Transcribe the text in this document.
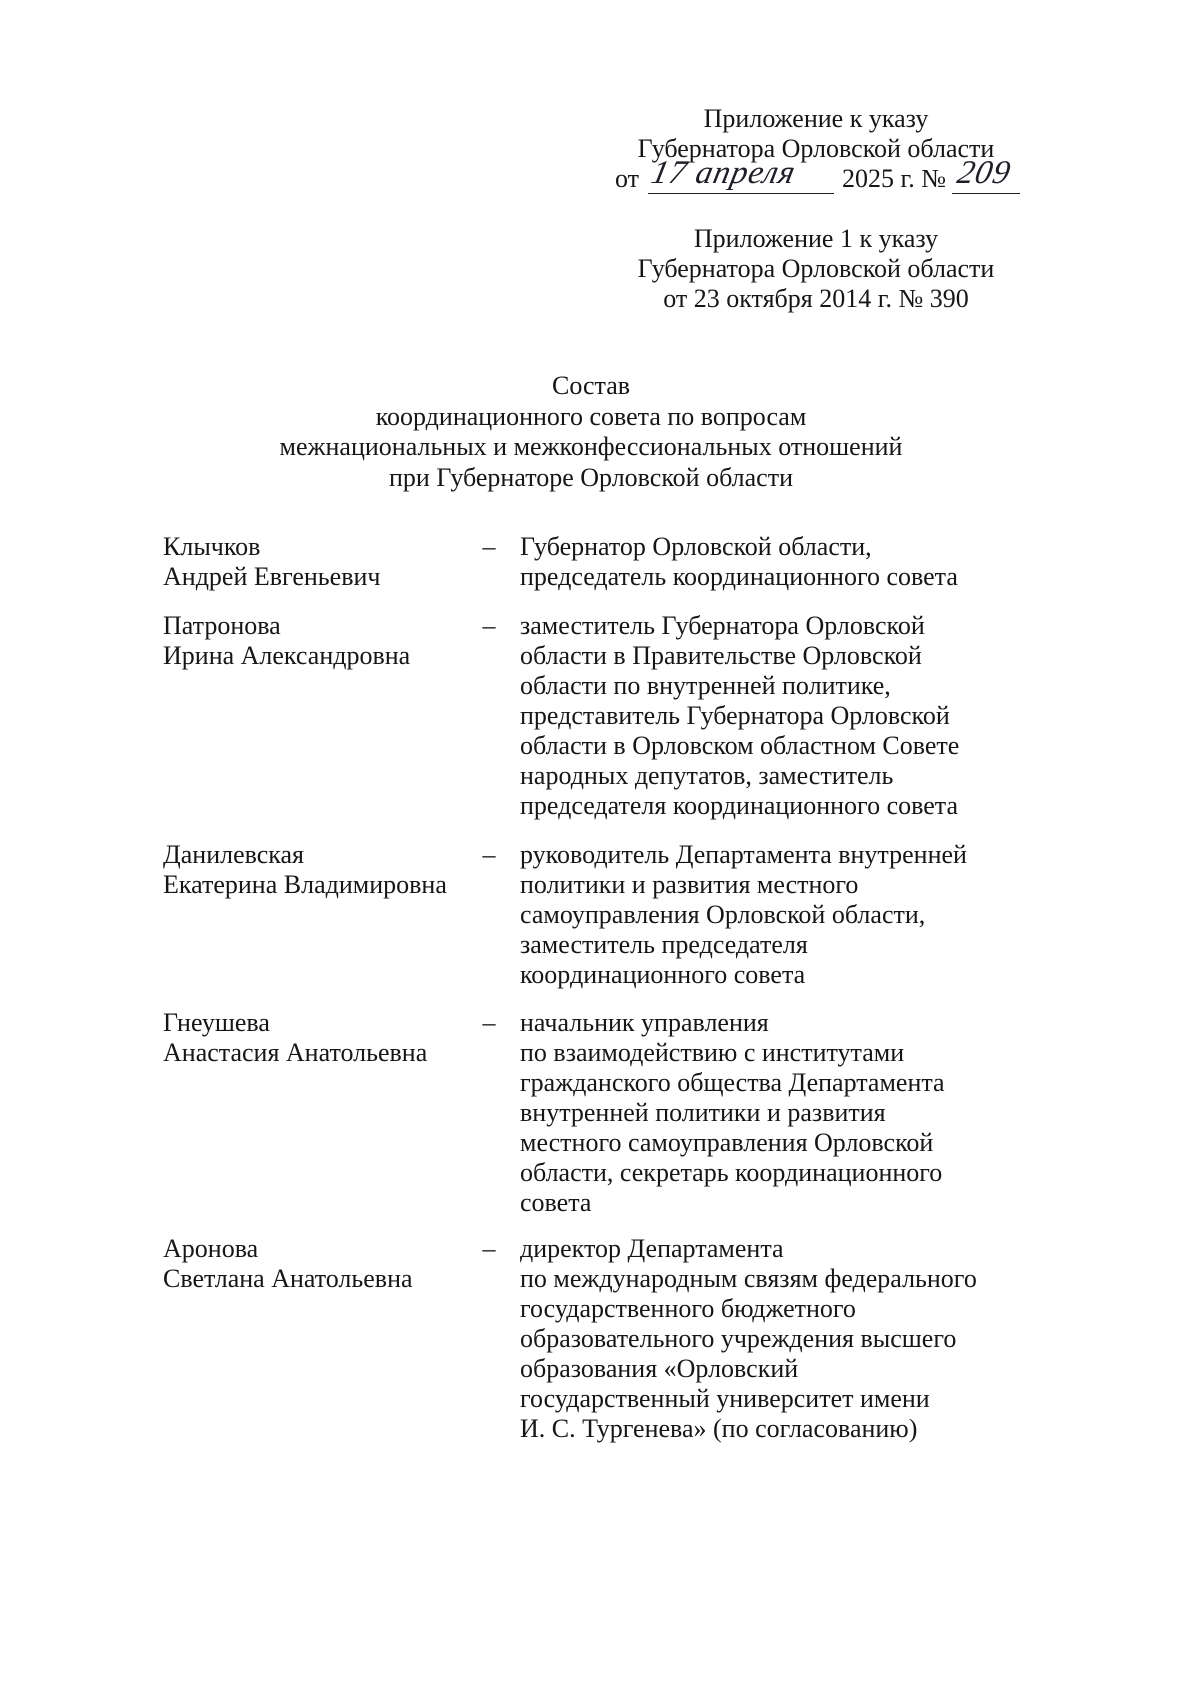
Приложение к указу
Губернатора Орловской области
от 17 апреля 2025 г. № 209
Приложение 1 к указу
Губернатора Орловской области
от 23 октября 2014 г. № 390
Состав
координационного совета по вопросам
межнациональных и межконфессиональных отношений
при Губернаторе Орловской области
Клычков
Андрей Евгеньевич
– Губернатор Орловской области,
председатель координационного совета
Патронова
Ирина Александровна
– заместитель Губернатора Орловской
области в Правительстве Орловской
области по внутренней политике,
представитель Губернатора Орловской
области в Орловском областном Совете
народных депутатов, заместитель
председателя координационного совета
Данилевская
Екатерина Владимировна
– руководитель Департамента внутренней
политики и развития местного
самоуправления Орловской области,
заместитель председателя
координационного совета
Гнеушева
Анастасия Анатольевна
– начальник управления
по взаимодействию с институтами
гражданского общества Департамента
внутренней политики и развития
местного самоуправления Орловской
области, секретарь координационного
совета
Аронова
Светлана Анатольевна
– директор Департамента
по международным связям федерального
государственного бюджетного
образовательного учреждения высшего
образования «Орловский
государственный университет имени
И. С. Тургенева» (по согласованию)
